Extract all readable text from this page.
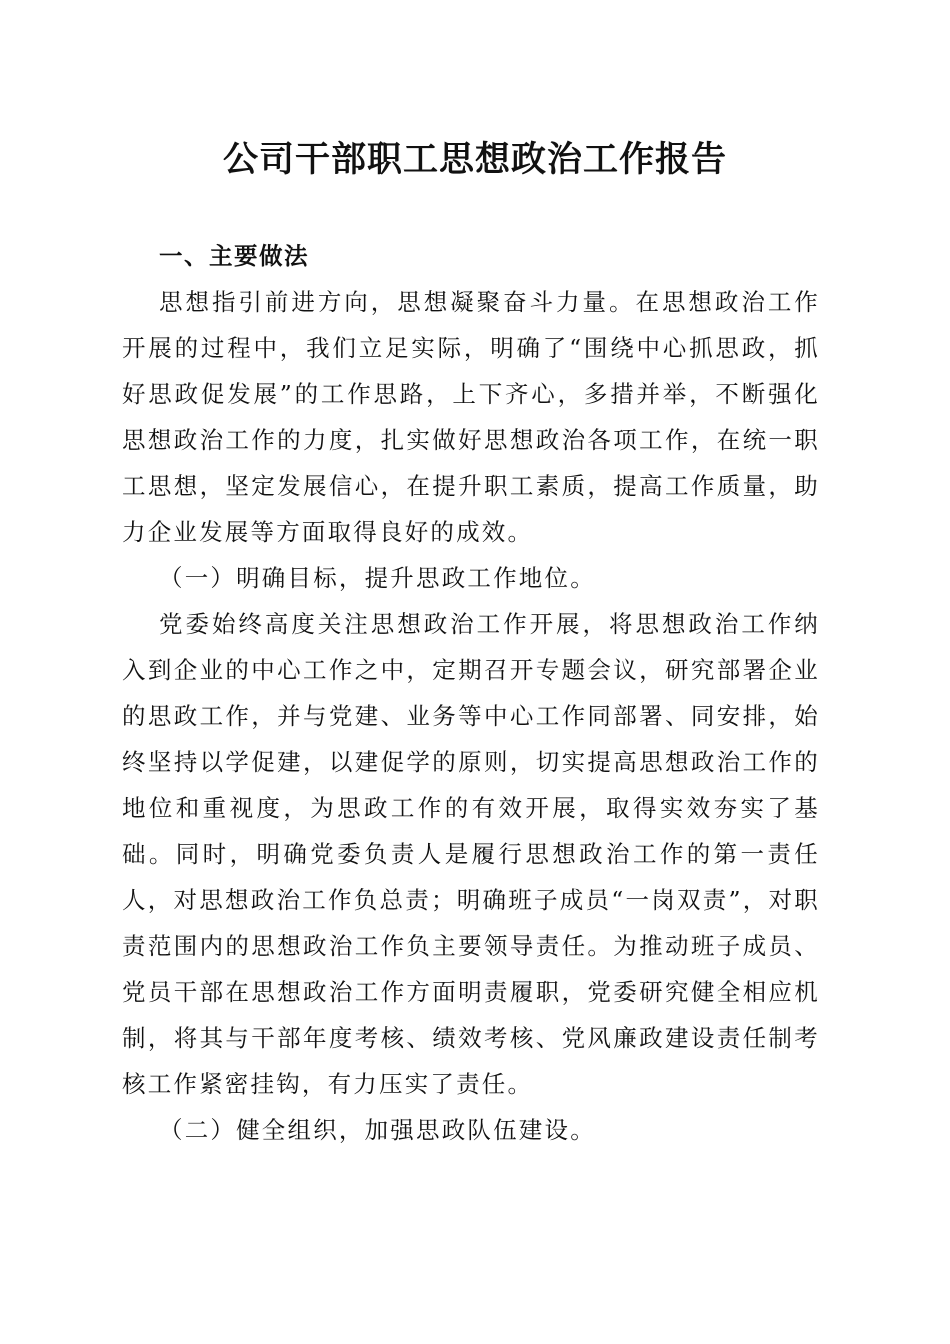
公司干部职工思想政治工作报告

一、主要做法

思想指引前进方向，思想凝聚奋斗力量。在思想政治工作开展的过程中，我们立足实际，明确了“围绕中心抓思政，抓好思政促发展”的工作思路，上下齐心，多措并举，不断强化思想政治工作的力度，扎实做好思想政治各项工作，在统一职工思想，坚定发展信心，在提升职工素质，提高工作质量，助力企业发展等方面取得良好的成效。

（一）明确目标，提升思政工作地位。

党委始终高度关注思想政治工作开展，将思想政治工作纳入到企业的中心工作之中，定期召开专题会议，研究部署企业的思政工作，并与党建、业务等中心工作同部署、同安排，始终坚持以学促建，以建促学的原则，切实提高思想政治工作的地位和重视度，为思政工作的有效开展，取得实效夯实了基础。同时，明确党委负责人是履行思想政治工作的第一责任人，对思想政治工作负总责；明确班子成员“一岗双责”，对职责范围内的思想政治工作负主要领导责任。为推动班子成员、党员干部在思想政治工作方面明责履职，党委研究健全相应机制，将其与干部年度考核、绩效考核、党风廉政建设责任制考核工作紧密挂钩，有力压实了责任。

（二）健全组织，加强思政队伍建设。
